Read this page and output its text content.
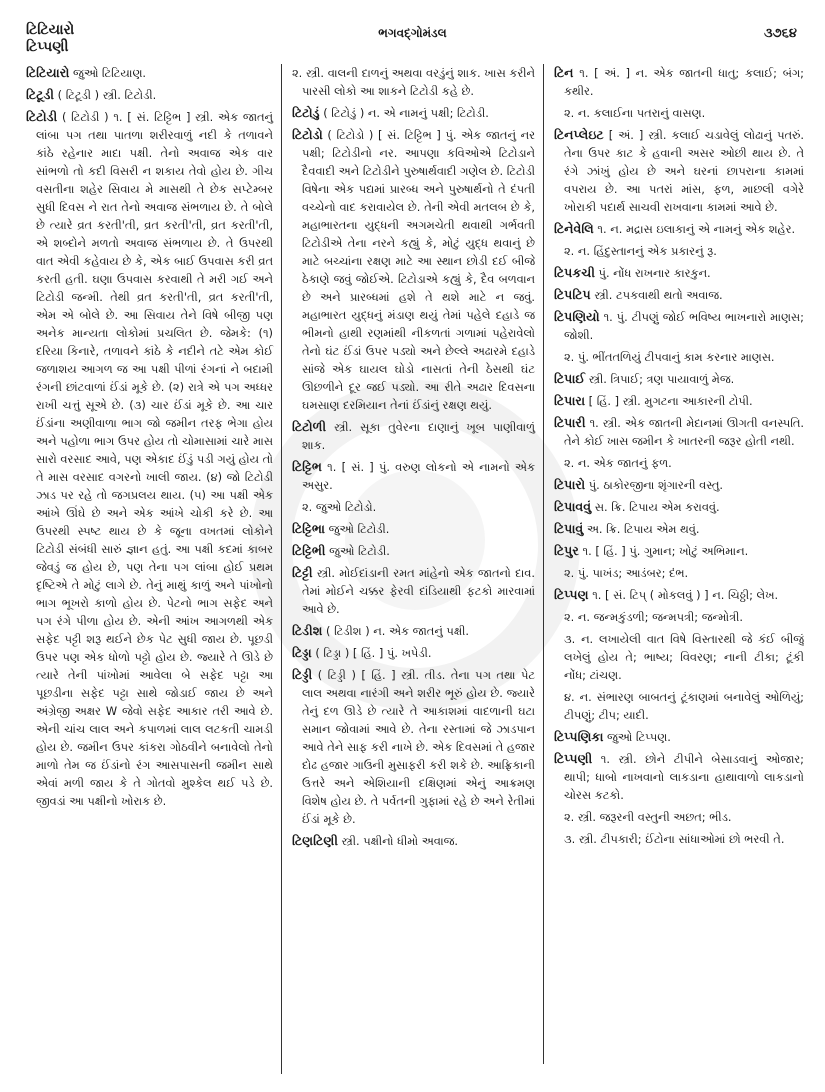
ટિટિયારો
ટિપ્પણી
ભગવદ્ગોમંડલ	૩૭૬૪

ટિટિયારો જુઓ ટિટિયાણ.

ટિટૂડી ( ટિટૂડી ) સ્ત્રી. ટિટોડી.

ટિટોડી ( ટિટોડી ) ૧. [ સં. ટિટ્ટિભ ] સ્ત્રી. એક જાતનું લાંબા પગ તથા પાતળા શરીરવાળું નદી કે તળાવને કાંઠે રહેનાર માદા પક્ષી. તેનો અવાજ એક વાર સાંભળો તો કદી વિસરી ન શકાય તેવો હોય છે. ગીચ વસતીના શહેર સિવાય મે માસથી તે છેક સપ્ટેમ્બર સુધી દિવસ ને રાત તેનો અવાજ સંભળાય છે. તે બોલે છે ત્યારે વ્રત કરતી'તી, વ્રત કરતી'તી, વ્રત કરતી'તી, એ શબ્દોને મળતો અવાજ સંભળાય છે. તે ઉપરથી વાત એવી કહેવાય છે કે, એક બાઈ ઉપવાસ કરી વ્રત કરતી હતી. ઘણા ઉપવાસ કરવાથી તે મરી ગઈ અને ટિટોડી જન્મી. તેથી વ્રત કરતી'તી, વ્રત કરતી'તી, એમ એ બોલે છે. આ સિવાય તેને વિષે બીજી પણ અનેક માન્યતા લોકોમાં પ્રચલિત છે. જેમકે: (૧) દરિયા કિનારે, તળાવને કાંઠે કે નદીને તટે એમ કોઈ જળાશય આગળ જ આ પક્ષી પીળાં રંગનાં ને બદામી રંગની છાંટવાળાં ઈંડાં મૂકે છે. (૨) રાત્રે એ પગ અધ્ધર રાખી ચત્તું સૂએ છે. (૩) ચાર ઈંડાં મૂકે છે. આ ચાર ઈંડાંના અણીવાળા ભાગ જો જમીન તરફ ભેગા હોય અને પહોળા ભાગ ઉપર હોય તો ચોમાસામાં ચારે માસ સારો વરસાદ આવે, પણ એકાદ ઈંડું પડી ગયું હોય તો તે માસ વરસાદ વગરનો ખાલી જાય. (૪) જો ટિટોડી ઝાડ પર રહે તો જગપ્રલય થાય. (૫) આ પક્ષી એક આંખે ઊંઘે છે અને એક આંખે ચોકી કરે છે. આ ઉપરથી સ્પષ્ટ થાય છે કે જૂના વખતમાં લોકોને ટિટોડી સંબંધી સારું જ્ઞાન હતું. આ પક્ષી કદમાં કાબર જેવડું જ હોય છે, પણ તેના પગ લાંબા હોઈ પ્રથમ દૃષ્ટિએ તે મોટું લાગે છે. તેનું માથું કાળું અને પાંખોનો ભાગ ભૂખરો કાળો હોય છે. પેટનો ભાગ સફેદ અને પગ રંગે પીળા હોય છે. એની આંખ આગળથી એક સફેદ પટ્ટી શરૂ થઈને છેક પેટ સુધી જાય છે. પૂછડી ઉપર પણ એક ધોળો પટ્ટો હોય છે. જ્યારે તે ઊડે છે ત્યારે તેની પાંખોમાં આવેલા બે સફેદ પટ્ટા આ પૂછડીના સફેદ પટ્ટા સાથે જોડાઈ જાય છે અને અંગ્રેજી અક્ષર W જેવો સફેદ આકાર તરી આવે છે. એની ચાંચ લાલ અને કપાળમાં લાલ લટકતી ચામડી હોય છે. જમીન ઉપર કાંકરા ગોઠવીને બનાવેલો તેનો માળો તેમ જ ઈંડાંનો રંગ આસપાસની જમીન સાથે એવાં મળી જાય કે તે ગોતવો મુશ્કેલ થઈ પડે છે. જીવડાં આ પક્ષીનો ખોરાક છે.

૨. સ્ત્રી. વાલની દાળનું અથવા વરડુંનું શાક. ખાસ કરીને પારસી લોકો આ શાકને ટિટોડી કહે છે.

ટિટોડું ( ટિટોડું ) ન. એ નામનું પક્ષી; ટિટોડી.

ટિટોડો ( ટિટોડો ) [ સં. ટિટ્ટિભ ] પું. એક જાતનું નર પક્ષી; ટિટોડીનો નર. આપણા કવિઓએ ટિટોડાને દૈવવાદી અને ટિટોડીને પુરુષાર્થવાદી ગણેલ છે. ટિટોડી વિષેના એક પદ્યમાં પ્રારબ્ધ અને પુરુષાર્થનો તે દંપતી વચ્ચેનો વાદ કરાવાયેલ છે. તેની એવી મતલબ છે કે, મહાભારતના યુદ્ધની અગમચેતી થવાથી ગર્ભવતી ટિટોડીએ તેના નરને કહ્યું કે, મોટું યુદ્ધ થવાનું છે માટે બચ્ચાંના રક્ષણ માટે આ સ્થાન છોડી દઈ બીજે ઠેકાણે જવું જોઈએ. ટિટોડાએ કહ્યું કે, દૈવ બળવાન છે અને પ્રારબ્ધમાં હશે તે થશે માટે ન જવું. મહાભારત યુદ્ધનું મંડાણ થયું તેમાં પહેલે દહાડે જ ભીમનો હાથી રણમાંથી નીકળતાં ગળામાં પહેરાવેલો તેનો ઘંટ ઈંડાં ઉપર પડ્યો અને છેલ્લે અઢારમે દહાડે સાંજે એક ઘાયલ ઘોડો નાસતાં તેની ઠેસથી ઘંટ ઊછળીને દૂર જઈ પડ્યો. આ રીતે અઢાર દિવસના ઘમસાણ દરમિયાન તેનાં ઈંડાંનું રક્ષણ થયું.

ટિટોળી સ્ત્રી. સૂકા તુવેરના દાણાનું ખૂબ પાણીવાળું શાક.

ટિટ્ટિભ ૧. [ સં. ] પું. વરુણ લોકનો એ નામનો એક અસુર.

૨. જુઓ ટિટોડો.

ટિટ્ટિભા જુઓ ટિટોડી.

ટિટ્ટિભી જુઓ ટિટોડી.

ટિટ્ટી સ્ત્રી. મોઈદાંડાની રમત માંહેનો એક જાતનો દાવ. તેમાં મોઈને ચક્કર ફેરવી દાંડિયાથી ફટકો મારવામાં આવે છે.

ટિડીશ ( ટિડીશ ) ન. એક જાતનું પક્ષી.

ટિડ્ડા ( ટિડ્ડા ) [ હિં. ] પું. ખપેડી.

ટિડ્ડી ( ટિડ્ડી ) [ હિં. ] સ્ત્રી. તીડ. તેના પગ તથા પેટ લાલ અથવા નારંગી અને શરીર ભૂરું હોય છે. જ્યારે તેનું દળ ઊડે છે ત્યારે તે આકાશમાં વાદળાની ઘટા સમાન જોવામાં આવે છે. તેના રસ્તામાં જે ઝાડપાન આવે તેને સાફ કરી નાખે છે. એક દિવસમાં તે હજાર દોઢ હજાર ગાઉની મુસાફરી કરી શકે છે. આફ્રિકાની ઉત્તરે અને એશિયાની દક્ષિણમાં એનું આક્રમણ વિશેષ હોય છે. તે પર્વતની ગુફામાં રહે છે અને રેતીમાં ઈંડાં મૂકે છે.

ટિણટિણી સ્ત્રી. પક્ષીનો ધીમો અવાજ.

ટિન ૧. [ અં. ] ન. એક જાતની ધાતુ; કલાઈ; બંગ; કથીર.

૨. ન. કલાઈના પતરાનું વાસણ.

ટિનપ્લેઇટ [ અં. ] સ્ત્રી. કલાઈ ચડાવેલું લોઢાનું પતરું. તેના ઉપર કાટ કે હવાની અસર ઓછી થાય છે. તે રંગે ઝાંખું હોય છે અને ઘરનાં છાપરાના કામમાં વપરાય છે. આ પતરાં માંસ, ફળ, માછલી વગેરે ખોરાકી પદાર્થ સાચવી રાખવાના કામમાં આવે છે.

ટિનેવેલિ ૧. ન. મદ્રાસ ઇલાકાનું એ નામનું એક શહેર.

૨. ન. હિંદુસ્તાનનું એક પ્રકારનું રૂ.

ટિપકચી પું. નોંધ રાખનાર કારકુન.

ટિપટિપ સ્ત્રી. ટપકવાથી થતો અવાજ.

ટિપણિયો ૧. પું. ટીપણું જોઈ ભવિષ્ય ભાખનારો માણસ; જોશી.

૨. પું. ભીંતતળિયું ટીપવાનું કામ કરનાર માણસ.

ટિપાઈ સ્ત્રી. ત્રિપાઈ; ત્રણ પાયાવાળું મેજ.

ટિપારા [ હિં. ] સ્ત્રી. મુગટના આકારની ટોપી.

ટિપારી ૧. સ્ત્રી. એક જાતની મેદાનમાં ઊગતી વનસ્પતિ. તેને કોઈ ખાસ જમીન કે ખાતરની જરૂર હોતી નથી.

૨. ન. એક જાતનું ફળ.

ટિપારો પું. ઠાકોરજીના શૃંગારની વસ્તુ.

ટિપાવવું સ. ક્રિ. ટિપાય એમ કરાવવું.

ટિપાવું અ. ક્રિ. ટિપાય એમ થવું.

ટિપુર ૧. [ હિં. ] પું. ગુમાન; ખોટું અભિમાન.

૨. પું. પાખંડ; આડંબર; દંભ.

ટિપ્પણ ૧. [ સં. ટિપ્ ( મોકલવું ) ] ન. ચિઠ્ઠી; લેખ.

૨. ન. જન્મકુંડળી; જન્મપત્રી; જન્મોત્રી.

૩. ન. લખાયેલી વાત વિષે વિસ્તારથી જે કંઈ બીજું લખેલું હોય તે; ભાષ્ય; વિવરણ; નાની ટીકા; ટૂંકી નોંધ; ટાંચણ.

૪. ન. સંભારણ બાબતનું ટૂંકાણમાં બનાવેલું ઓળિયું; ટીપણું; ટીપ; યાદી.

ટિપ્પણિકા જુઓ ટિપ્પણ.

ટિપ્પણી ૧. સ્ત્રી. છોને ટીપીને બેસાડવાનું ઓજાર; થાપી; ધાબો નાખવાનો લાકડાના હાથાવાળો લાકડાનો ચોરસ કટકો.

૨. સ્ત્રી. જરૂરની વસ્તુની અછત; ભીડ.

૩. સ્ત્રી. ટીપકારી; ઈંટોના સાંધાઓમાં છો ભરવી તે.
